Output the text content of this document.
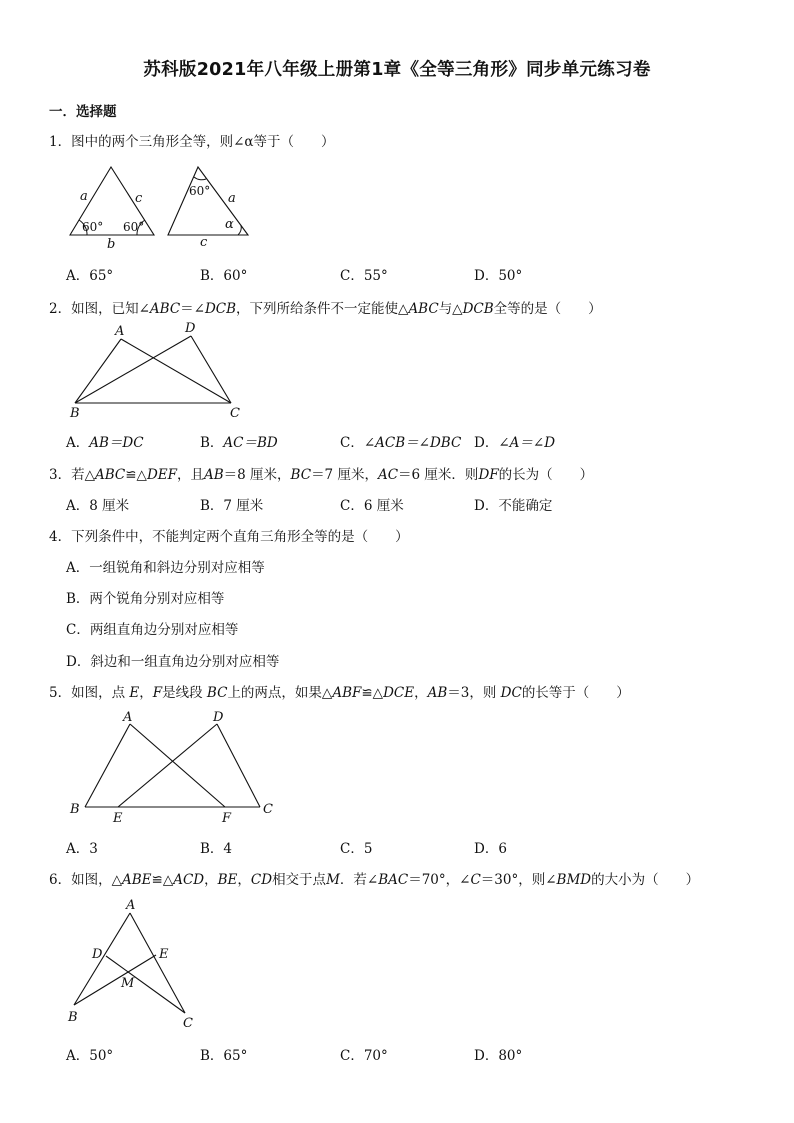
苏科版2021年八年级上册第1章《全等三角形》同步单元练习卷
一．选择题
1．图中的两个三角形全等，则∠α等于（　　）
a	c
b
60° 60°
60° a
α
c
A．65°	B．60°	C．55°	D．50°
2．如图，已知∠ABC＝∠DCB，下列所给条件不一定能使△ABC与△DCB全等的是（　　）
A	D
B	C
A．AB＝DC	B．AC＝BD	C．∠ACB＝∠DBC D．∠A＝∠D
3．若△ABC≌△DEF，且AB＝8 厘米，BC＝7 厘米，AC＝6 厘米．则DF的长为（　　）
A．8 厘米	B．7 厘米	C．6 厘米	D．不能确定
4．下列条件中，不能判定两个直角三角形全等的是（　　）
A．一组锐角和斜边分别对应相等
B．两个锐角分别对应相等
C．两组直角边分别对应相等
D．斜边和一组直角边分别对应相等
5．如图，点 E，F是线段 BC上的两点，如果△ABF≌△DCE，AB＝3，则 DC的长等于（　　）
A	D
B
E	F
C
A．3	B．4	C．5	D．6
6．如图，△ABE≌△ACD，BE，CD相交于点M．若∠BAC＝70°，∠C＝30°，则∠BMD的大小为（　　）
A
D	E
M
B	C
A．50°	B．65°	C．70°	D．80°
